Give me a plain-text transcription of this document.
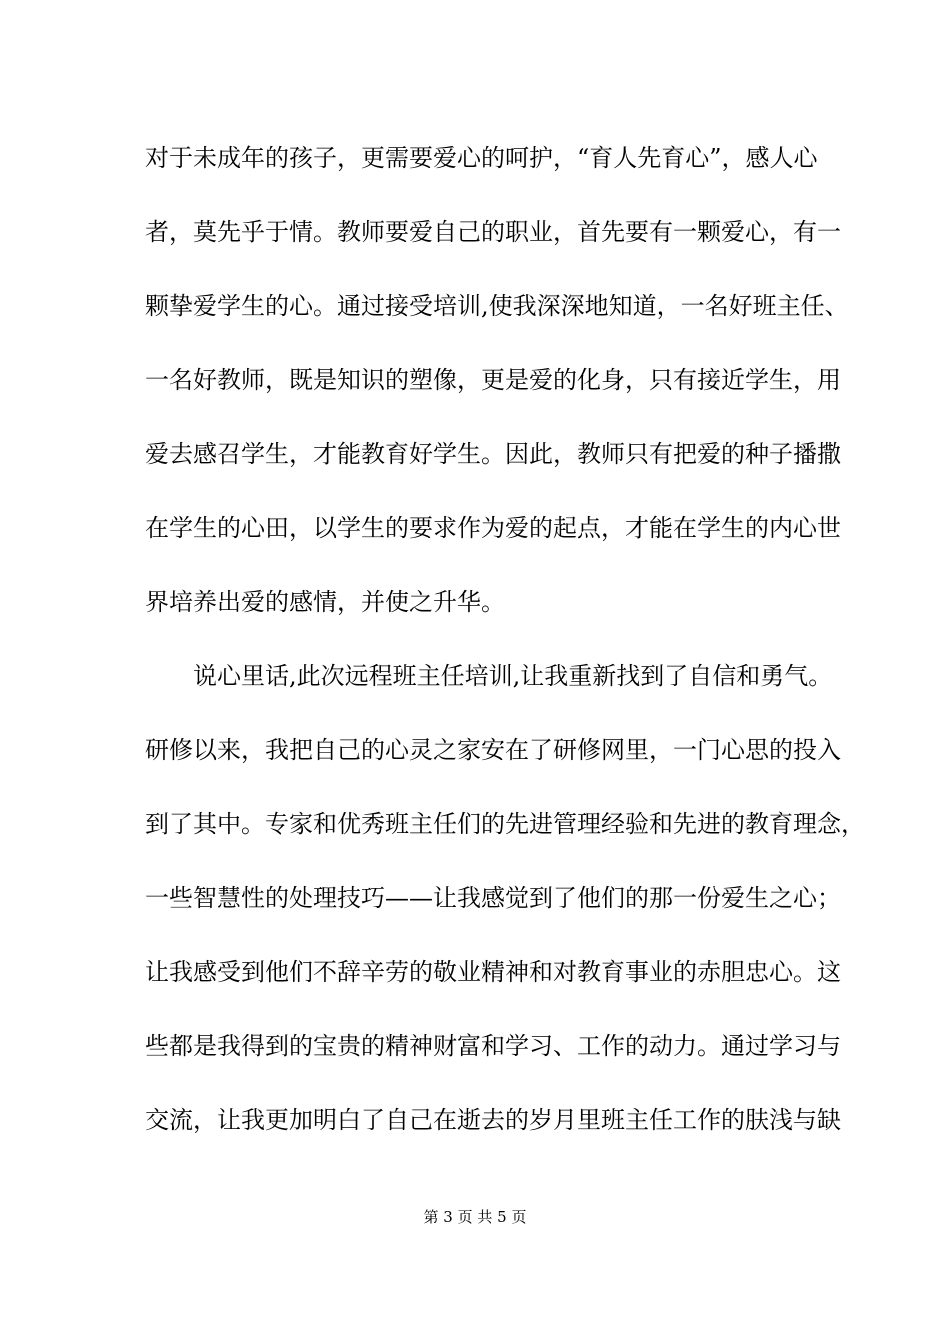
对于未成年的孩子，更需要爱心的呵护，“育人先育心”，感人心
者，莫先乎于情。教师要爱自己的职业，首先要有一颗爱心，有一
颗挚爱学生的心。通过接受培训,使我深深地知道，一名好班主任、
一名好教师，既是知识的塑像，更是爱的化身，只有接近学生，用
爱去感召学生，才能教育好学生。因此，教师只有把爱的种子播撒
在学生的心田，以学生的要求作为爱的起点，才能在学生的内心世
界培养出爱的感情，并使之升华。
说心里话,此次远程班主任培训,让我重新找到了自信和勇气。
研修以来，我把自己的心灵之家安在了研修网里，一门心思的投入
到了其中。专家和优秀班主任们的先进管理经验和先进的教育理念，
一些智慧性的处理技巧——让我感觉到了他们的那一份爱生之心；
让我感受到他们不辞辛劳的敬业精神和对教育事业的赤胆忠心。这
些都是我得到的宝贵的精神财富和学习、工作的动力。通过学习与
交流，让我更加明白了自己在逝去的岁月里班主任工作的肤浅与缺
第 3 页 共 5 页
